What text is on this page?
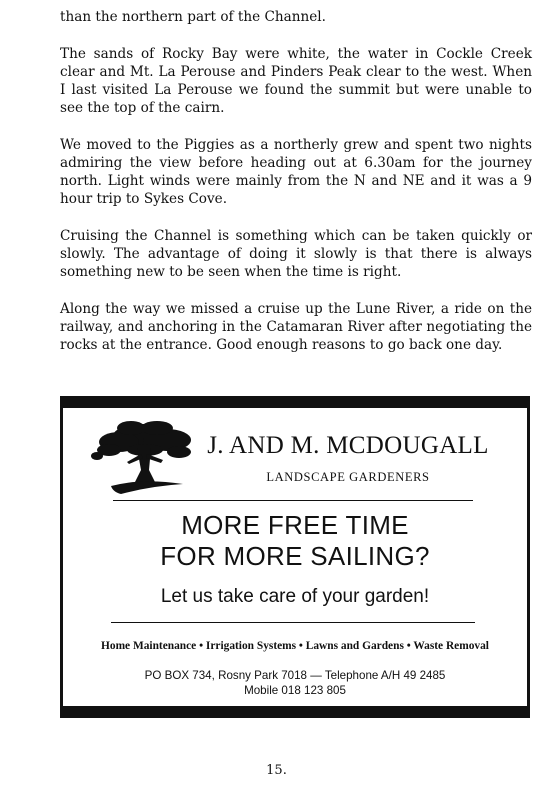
than the northern part of the Channel.

The sands of Rocky Bay were white, the water in Cockle Creek clear and Mt. La Perouse and Pinders Peak clear to the west. When I last visited La Perouse we found the summit but were unable to see the top of the cairn.

We moved to the Piggies as a northerly grew and spent two nights admiring the view before heading out at 6.30am for the journey north. Light winds were mainly from the N and NE and it was a 9 hour trip to Sykes Cove.

Cruising the Channel is something which can be taken quickly or slowly. The advantage of doing it slowly is that there is always something new to be seen when the time is right.

Along the way we missed a cruise up the Lune River, a ride on the railway, and anchoring in the Catamaran River after negotiating the rocks at the entrance. Good enough reasons to go back one day.

J. AND M. MCDOUGALL
LANDSCAPE GARDENERS
MORE FREE TIME
FOR MORE SAILING?
Let us take care of your garden!
Home Maintenance • Irrigation Systems • Lawns and Gardens • Waste Removal
PO BOX 734, Rosny Park 7018 — Telephone A/H 49 2485
Mobile 018 123 805
15.
